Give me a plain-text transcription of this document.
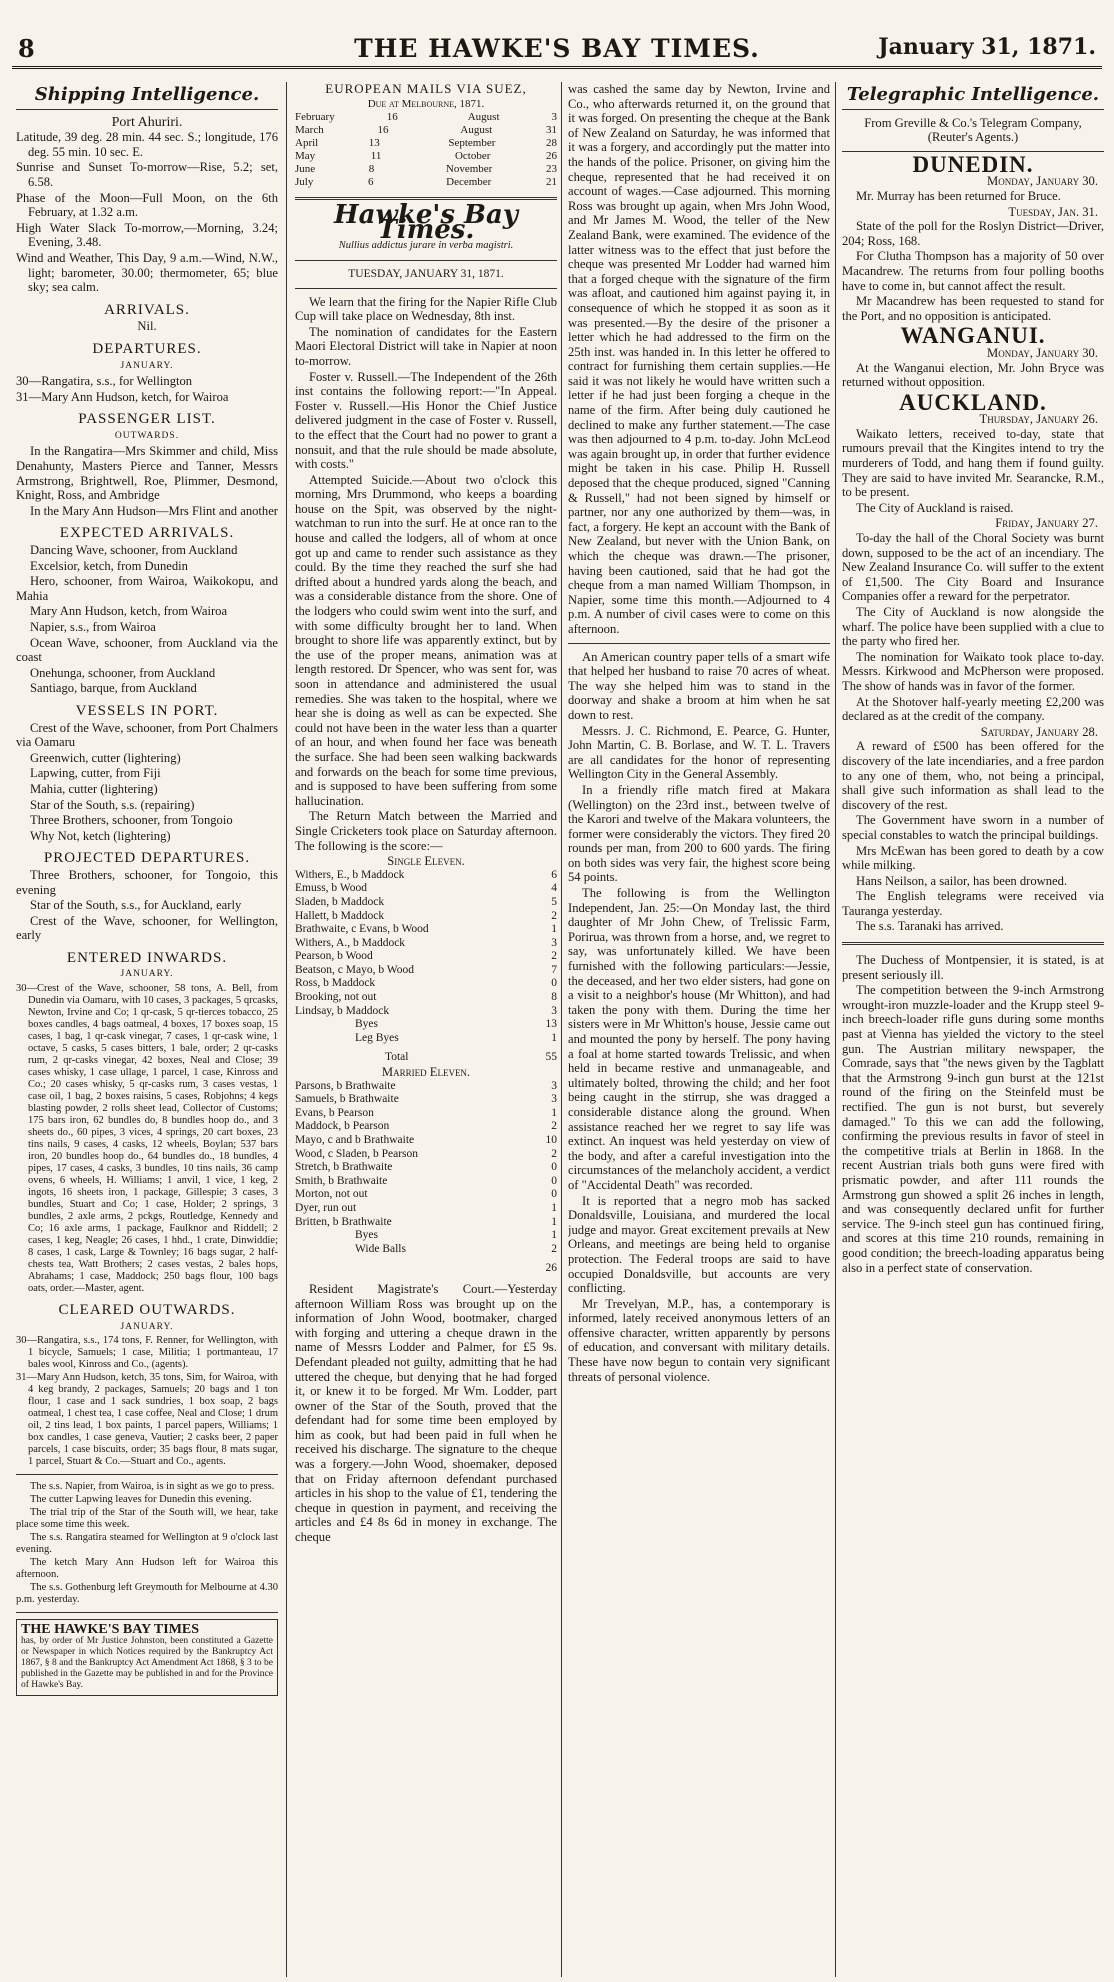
8	THE HAWKE'S BAY TIMES.	January 31, 1871.
Shipping Intelligence.
Port Ahuriri.
Latitude, 39 deg. 28 min. 44 sec. S.; longitude, 176 deg. 55 min. 10 sec. E.
Sunrise and Sunset To-morrow—Rise, 5.2; set, 6.58.
Phase of the Moon—Full Moon, on the 6th February, at 1.32 a.m.
High Water Slack To-morrow,—Morning, 3.24; Evening, 3.48.
Wind and Weather, This Day, 9 a.m.—Wind, N.W., light; barometer, 30.00; thermometer, 65; blue sky; sea calm.
ARRIVALS.
Nil.
DEPARTURES.
JANUARY.
30—Rangatira, s.s., for Wellington
31—Mary Ann Hudson, ketch, for Wairoa
PASSENGER LIST.
OUTWARDS.
In the Rangatira—Mrs Skimmer and child, Miss Denahunty, Masters Pierce and Tanner, Messrs Armstrong, Brightwell, Roe, Plimmer, Desmond, Knight, Ross, and Ambridge
In the Mary Ann Hudson—Mrs Flint and another
EXPECTED ARRIVALS.
Dancing Wave, schooner, from Auckland
Excelsior, ketch, from Dunedin
Hero, schooner, from Wairoa, Waikokopu, and Mahia
Mary Ann Hudson, ketch, from Wairoa
Napier, s.s., from Wairoa
Ocean Wave, schooner, from Auckland via the coast
Onehunga, schooner, from Auckland
Santiago, barque, from Auckland
VESSELS IN PORT.
Crest of the Wave, schooner, from Port Chalmers via Oamaru
Greenwich, cutter (lightering)
Lapwing, cutter, from Fiji
Mahia, cutter (lightering)
Star of the South, s.s. (repairing)
Three Brothers, schooner, from Tongoio
Why Not, ketch (lightering)
PROJECTED DEPARTURES.
Three Brothers, schooner, for Tongoio, this evening
Star of the South, s.s., for Auckland, early
Crest of the Wave, schooner, for Wellington, early
ENTERED INWARDS.
JANUARY.
30—Crest of the Wave, schooner, 58 tons, A. Bell, from Dunedin via Oamaru, with 10 cases, 3 packages, 5 qrcasks, Newton, Irvine and Co; 1 qr-cask, 5 qr-tierces tobacco, 25 boxes candles, 4 bags oatmeal, 4 boxes, 17 boxes soap, 15 cases, 1 bag, 1 qr-cask vinegar, 7 cases, 1 qr-cask wine, 1 octave, 5 casks, 5 cases bitters, 1 bale, order; 2 qr-casks rum, 2 qr-casks vinegar, 42 boxes, Neal and Close; 39 cases whisky, 1 case ullage, 1 parcel, 1 case, Kinross and Co.; 20 cases whisky, 5 qr-casks rum, 3 cases vestas, 1 case oil, 1 bag, 2 boxes raisins, 5 cases, Robjohns; 4 kegs blasting powder, 2 rolls sheet lead, Collector of Customs; 175 bars iron, 62 bundles do, 8 bundles hoop do., and 3 sheets do., 60 pipes, 3 vices, 4 springs, 20 cart boxes, 23 tins nails, 9 cases, 4 casks, 12 wheels, Boylan; 537 bars iron, 20 bundles hoop do., 64 bundles do., 18 bundles, 4 pipes, 17 cases, 4 casks, 3 bundles, 10 tins nails, 36 camp ovens, 6 wheels, H. Williams; 1 anvil, 1 vice, 1 keg, 2 ingots, 16 sheets iron, 1 package, Gillespie; 3 cases, 3 bundles, Stuart and Co; 1 case, Holder; 2 springs, 3 bundles, 2 axle arms, 2 pckgs, Routledge, Kennedy and Co; 16 axle arms, 1 package, Faulknor and Riddell; 2 cases, 1 keg, Neagle; 26 cases, 1 hhd., 1 crate, Dinwiddie; 8 cases, 1 cask, Large & Townley; 16 bags sugar, 2 half-chests tea, Watt Brothers; 2 cases vestas, 2 bales hops, Abrahams; 1 case, Maddock; 250 bags flour, 100 bags oats, order.—Master, agent.
CLEARED OUTWARDS.
JANUARY.
30—Rangatira, s.s., 174 tons, F. Renner, for Wellington, with 1 bicycle, Samuels; 1 case, Militia; 1 portmanteau, 17 bales wool, Kinross and Co., (agents).
31—Mary Ann Hudson, ketch, 35 tons, Sim, for Wairoa, with 4 keg brandy, 2 packages, Samuels; 20 bags and 1 ton flour, 1 case and 1 sack sundries, 1 box soap, 2 bags oatmeal, 1 chest tea, 1 case coffee, Neal and Close; 1 drum oil, 2 tins lead, 1 box paints, 1 parcel papers, Williams; 1 box candles, 1 case geneva, Vautier; 2 casks beer, 2 paper parcels, 1 case biscuits, order; 35 bags flour, 8 mats sugar, 1 parcel, Stuart & Co.—Stuart and Co., agents.
The s.s. Napier, from Wairoa, is in sight as we go to press.
The cutter Lapwing leaves for Dunedin this evening.
The trial trip of the Star of the South will, we hear, take place some time this week.
The s.s. Rangatira steamed for Wellington at 9 o'clock last evening.
The ketch Mary Ann Hudson left for Wairoa this afternoon.
The s.s. Gothenburg left Greymouth for Melbourne at 4.30 p.m. yesterday.
THE HAWKE'S BAY TIMES
has, by order of Mr Justice Johnston, been constituted a Gazette or Newspaper in which Notices required by the Bankruptcy Act 1867, § 8 and the Bankruptcy Act Amendment Act 1868, § 3 to be published in the Gazette may be published in and for the Province of Hawke's Bay.
EUROPEAN MAILS VIA SUEZ,
Due at Melbourne, 1871.
February	16	August	3
March	16	August	31
April	13	September	28
May	11	October	26
June	8	November	23
July	6	December	21
Hawke's Bay Times.
Nullius addictus jurare in verba magistri.
TUESDAY, JANUARY 31, 1871.
We learn that the firing for the Napier Rifle Club Cup will take place on Wednesday, 8th inst.
The nomination of candidates for the Eastern Maori Electoral District will take in Napier at noon to-morrow.
Foster v. Russell.—The Independent of the 26th inst contains the following report:—"In Appeal. Foster v. Russell.—His Honor the Chief Justice delivered judgment in the case of Foster v. Russell, to the effect that the Court had no power to grant a nonsuit, and that the rule should be made absolute, with costs."
Attempted Suicide.—About two o'clock this morning, Mrs Drummond, who keeps a boarding house on the Spit, was observed by the night-watchman to run into the surf. He at once ran to the house and called the lodgers, all of whom at once got up and came to render such assistance as they could. By the time they reached the surf she had drifted about a hundred yards along the beach, and was a considerable distance from the shore. One of the lodgers who could swim went into the surf, and with some difficulty brought her to land. When brought to shore life was apparently extinct, but by the use of the proper means, animation was at length restored. Dr Spencer, who was sent for, was soon in attendance and administered the usual remedies. She was taken to the hospital, where we hear she is doing as well as can be expected. She could not have been in the water less than a quarter of an hour, and when found her face was beneath the surface. She had been seen walking backwards and forwards on the beach for some time previous, and is supposed to have been suffering from some hallucination.
The Return Match between the Married and Single Cricketers took place on Saturday afternoon. The following is the score:—
Single Eleven.
Withers, E., b Maddock	6
Emuss, b Wood	4
Sladen, b Maddock	5
Hallett, b Maddock	2
Brathwaite, c Evans, b Wood	1
Withers, A., b Maddock	3
Pearson, b Wood	2
Beatson, c Mayo, b Wood	7
Ross, b Maddock	0
Brooking, not out	8
Lindsay, b Maddock	3
Byes	13
Leg Byes	1
Total	55
Married Eleven.
Parsons, b Brathwaite	3
Samuels, b Brathwaite	3
Evans, b Pearson	1
Maddock, b Pearson	2
Mayo, c and b Brathwaite	10
Wood, c Sladen, b Pearson	2
Stretch, b Brathwaite	0
Smith, b Brathwaite	0
Morton, not out	0
Dyer, run out	1
Britten, b Brathwaite	1
Byes	1
Wide Balls	2
26
Resident Magistrate's Court.—Yesterday afternoon William Ross was brought up on the information of John Wood, bootmaker, charged with forging and uttering a cheque drawn in the name of Messrs Lodder and Palmer, for £5 9s. Defendant pleaded not guilty, admitting that he had uttered the cheque, but denying that he had forged it, or knew it to be forged. Mr Wm. Lodder, part owner of the Star of the South, proved that the defendant had for some time been employed by him as cook, but had been paid in full when he received his discharge. The signature to the cheque was a forgery.—John Wood, shoemaker, deposed that on Friday afternoon defendant purchased articles in his shop to the value of £1, tendering the cheque in question in payment, and receiving the articles and £4 8s 6d in money in exchange. The cheque
was cashed the same day by Newton, Irvine and Co., who afterwards returned it, on the ground that it was forged. On presenting the cheque at the Bank of New Zealand on Saturday, he was informed that it was a forgery, and accordingly put the matter into the hands of the police. Prisoner, on giving him the cheque, represented that he had received it on account of wages.—Case adjourned. This morning Ross was brought up again, when Mrs John Wood, and Mr James M. Wood, the teller of the New Zealand Bank, were examined. The evidence of the latter witness was to the effect that just before the cheque was presented Mr Lodder had warned him that a forged cheque with the signature of the firm was afloat, and cautioned him against paying it, in consequence of which he stopped it as soon as it was presented.—By the desire of the prisoner a letter which he had addressed to the firm on the 25th inst. was handed in. In this letter he offered to contract for furnishing them certain supplies.—He said it was not likely he would have written such a letter if he had just been forging a cheque in the name of the firm. After being duly cautioned he declined to make any further statement.—The case was then adjourned to 4 p.m. to-day. John McLeod was again brought up, in order that further evidence might be taken in his case. Philip H. Russell deposed that the cheque produced, signed "Canning & Russell," had not been signed by himself or partner, nor any one authorized by them—was, in fact, a forgery. He kept an account with the Bank of New Zealand, but never with the Union Bank, on which the cheque was drawn.—The prisoner, having been cautioned, said that he had got the cheque from a man named William Thompson, in Napier, some time this month.—Adjourned to 4 p.m. A number of civil cases were to come on this afternoon.
An American country paper tells of a smart wife that helped her husband to raise 70 acres of wheat. The way she helped him was to stand in the doorway and shake a broom at him when he sat down to rest.
Messrs. J. C. Richmond, E. Pearce, G. Hunter, John Martin, C. B. Borlase, and W. T. L. Travers are all candidates for the honor of representing Wellington City in the General Assembly.
In a friendly rifle match fired at Makara (Wellington) on the 23rd inst., between twelve of the Karori and twelve of the Makara volunteers, the former were considerably the victors. They fired 20 rounds per man, from 200 to 600 yards. The firing on both sides was very fair, the highest score being 54 points.
The following is from the Wellington Independent, Jan. 25:—On Monday last, the third daughter of Mr John Chew, of Trelissic Farm, Porirua, was thrown from a horse, and, we regret to say, was unfortunately killed. We have been furnished with the following particulars:—Jessie, the deceased, and her two elder sisters, had gone on a visit to a neighbor's house (Mr Whitton), and had taken the pony with them. During the time her sisters were in Mr Whitton's house, Jessie came out and mounted the pony by herself. The pony having a foal at home started towards Trelissic, and when held in became restive and unmanageable, and ultimately bolted, throwing the child; and her foot being caught in the stirrup, she was dragged a considerable distance along the ground. When assistance reached her we regret to say life was extinct. An inquest was held yesterday on view of the body, and after a careful investigation into the circumstances of the melancholy accident, a verdict of "Accidental Death" was recorded.
It is reported that a negro mob has sacked Donaldsville, Louisiana, and murdered the local judge and mayor. Great excitement prevails at New Orleans, and meetings are being held to organise protection. The Federal troops are said to have occupied Donaldsville, but accounts are very conflicting.
Mr Trevelyan, M.P., has, a contemporary is informed, lately received anonymous letters of an offensive character, written apparently by persons of education, and conversant with military details. These have now begun to contain very significant threats of personal violence.
Telegraphic Intelligence.
From Greville & Co.'s Telegram Company, (Reuter's Agents.)
DUNEDIN.
Monday, January 30.
Mr. Murray has been returned for Bruce.
Tuesday, Jan. 31.
State of the poll for the Roslyn District—Driver, 204; Ross, 168.
For Clutha Thompson has a majority of 50 over Macandrew. The returns from four polling booths have to come in, but cannot affect the result.
Mr Macandrew has been requested to stand for the Port, and no opposition is anticipated.
WANGANUI.
Monday, January 30.
At the Wanganui election, Mr. John Bryce was returned without opposition.
AUCKLAND.
Thursday, January 26.
Waikato letters, received to-day, state that rumours prevail that the Kingites intend to try the murderers of Todd, and hang them if found guilty. They are said to have invited Mr. Searancke, R.M., to be present.
The City of Auckland is raised.
Friday, January 27.
To-day the hall of the Choral Society was burnt down, supposed to be the act of an incendiary. The New Zealand Insurance Co. will suffer to the extent of £1,500. The City Board and Insurance Companies offer a reward for the perpetrator.
The City of Auckland is now alongside the wharf. The police have been supplied with a clue to the party who fired her.
The nomination for Waikato took place to-day. Messrs. Kirkwood and McPherson were proposed. The show of hands was in favor of the former.
At the Shotover half-yearly meeting £2,200 was declared as at the credit of the company.
Saturday, January 28.
A reward of £500 has been offered for the discovery of the late incendiaries, and a free pardon to any one of them, who, not being a principal, shall give such information as shall lead to the discovery of the rest.
The Government have sworn in a number of special constables to watch the principal buildings.
Mrs McEwan has been gored to death by a cow while milking.
Hans Neilson, a sailor, has been drowned.
The English telegrams were received via Tauranga yesterday.
The s.s. Taranaki has arrived.
The Duchess of Montpensier, it is stated, is at present seriously ill.
The competition between the 9-inch Armstrong wrought-iron muzzle-loader and the Krupp steel 9-inch breech-loader rifle guns during some months past at Vienna has yielded the victory to the steel gun. The Austrian military newspaper, the Comrade, says that "the news given by the Tagblatt that the Armstrong 9-inch gun burst at the 121st round of the firing on the Steinfeld must be rectified. The gun is not burst, but severely damaged." To this we can add the following, confirming the previous results in favor of steel in the competitive trials at Berlin in 1868. In the recent Austrian trials both guns were fired with prismatic powder, and after 111 rounds the Armstrong gun showed a split 26 inches in length, and was consequently declared unfit for further service. The 9-inch steel gun has continued firing, and scores at this time 210 rounds, remaining in good condition; the breech-loading apparatus being also in a perfect state of conservation.
